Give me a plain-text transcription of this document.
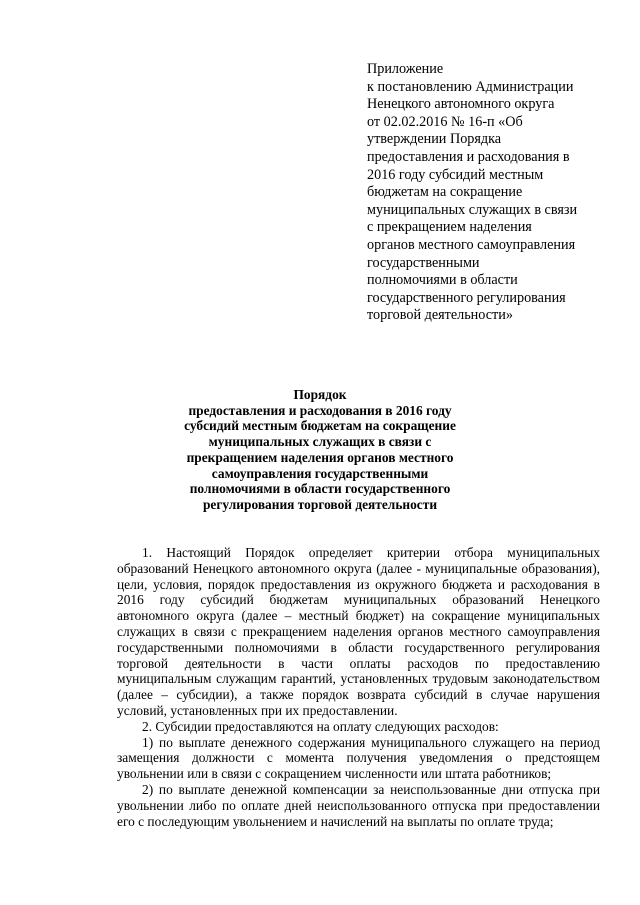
Приложение
к постановлению Администрации
Ненецкого автономного округа
от 02.02.2016 № 16-п «Об
утверждении Порядка
предоставления и расходования в
2016 году субсидий местным
бюджетам на сокращение
муниципальных служащих в связи
с прекращением наделения
органов местного самоуправления
государственными
полномочиями в области
государственного регулирования
торговой деятельности»
Порядок
предоставления и расходования в 2016 году
субсидий местным бюджетам на сокращение
муниципальных служащих в связи с
прекращением наделения органов местного
самоуправления государственными
полномочиями в области государственного
регулирования торговой деятельности
1. Настоящий Порядок определяет критерии отбора муниципальных
образований Ненецкого автономного округа (далее - муниципальные образования),
цели, условия, порядок предоставления из окружного бюджета и расходования в
2016 году субсидий бюджетам муниципальных образований Ненецкого
автономного округа (далее – местный бюджет) на сокращение муниципальных
служащих в связи с прекращением наделения органов местного самоуправления
государственными полномочиями в области государственного регулирования
торговой деятельности в части оплаты расходов по предоставлению
муниципальным служащим гарантий, установленных трудовым законодательством
(далее – субсидии), а также порядок возврата субсидий в случае нарушения
условий, установленных при их предоставлении.
2. Субсидии предоставляются на оплату следующих расходов:
1) по выплате денежного содержания муниципального служащего на период
замещения должности с момента получения уведомления о предстоящем
увольнении или в связи с сокращением численности или штата работников;
2) по выплате денежной компенсации за неиспользованные дни отпуска при
увольнении либо по оплате дней неиспользованного отпуска при предоставлении
его с последующим увольнением и начислений на выплаты по оплате труда;
